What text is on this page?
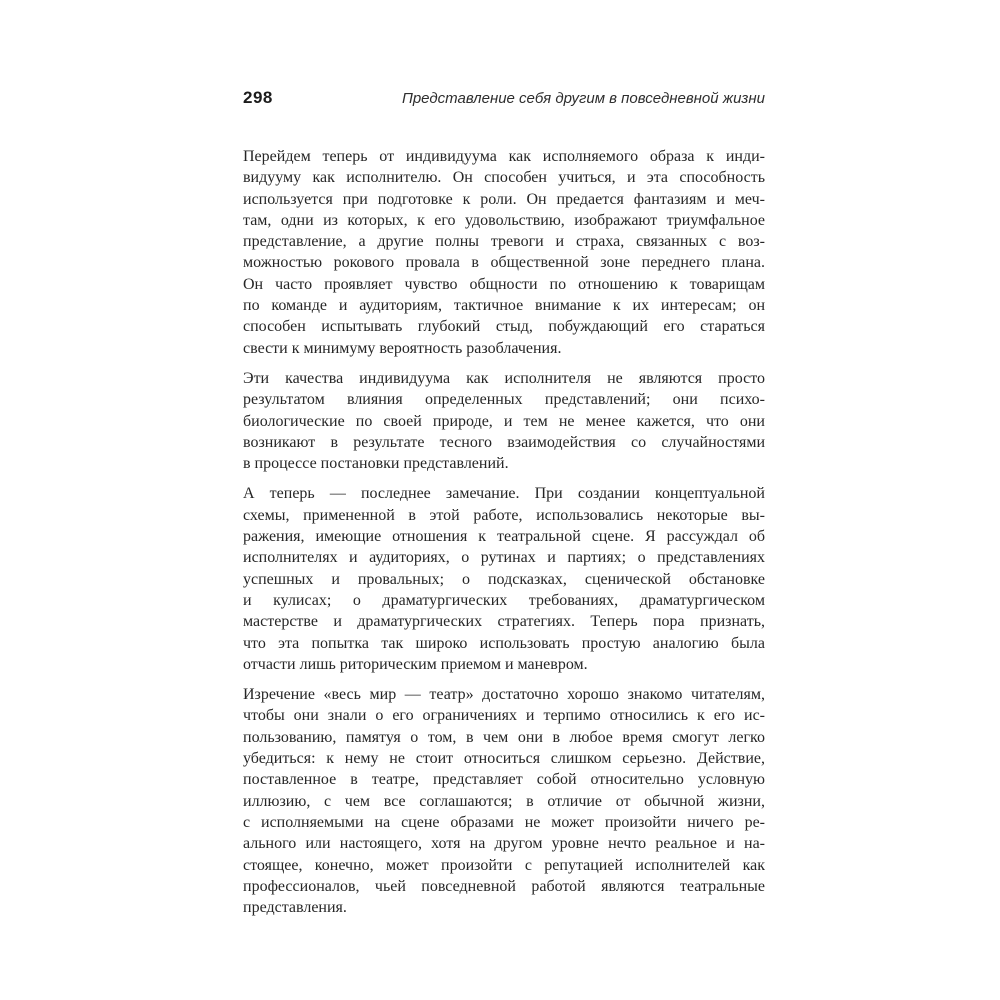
298	Представление себя другим в повседневной жизни

Перейдем теперь от индивидуума как исполняемого образа к инди-
видууму как исполнителю. Он способен учиться, и эта способность
используется при подготовке к роли. Он предается фантазиям и меч-
там, одни из которых, к его удовольствию, изображают триумфальное
представление, а другие полны тревоги и страха, связанных с воз-
можностью рокового провала в общественной зоне переднего плана.
Он часто проявляет чувство общности по отношению к товарищам
по команде и аудиториям, тактичное внимание к их интересам; он
способен испытывать глубокий стыд, побуждающий его стараться
свести к минимуму вероятность разоблачения.

Эти качества индивидуума как исполнителя не являются просто
результатом влияния определенных представлений; они психо-
биологические по своей природе, и тем не менее кажется, что они
возникают в результате тесного взаимодействия со случайностями
в процессе постановки представлений.

А теперь — последнее замечание. При создании концептуальной
схемы, примененной в этой работе, использовались некоторые вы-
ражения, имеющие отношения к театральной сцене. Я рассуждал об
исполнителях и аудиториях, о рутинах и партиях; о представлениях
успешных и провальных; о подсказках, сценической обстановке
и кулисах; о драматургических требованиях, драматургическом
мастерстве и драматургических стратегиях. Теперь пора признать,
что эта попытка так широко использовать простую аналогию была
отчасти лишь риторическим приемом и маневром.

Изречение «весь мир — театр» достаточно хорошо знакомо читателям,
чтобы они знали о его ограничениях и терпимо относились к его ис-
пользованию, памятуя о том, в чем они в любое время смогут легко
убедиться: к нему не стоит относиться слишком серьезно. Действие,
поставленное в театре, представляет собой относительно условную
иллюзию, с чем все соглашаются; в отличие от обычной жизни,
с исполняемыми на сцене образами не может произойти ничего ре-
ального или настоящего, хотя на другом уровне нечто реальное и на-
стоящее, конечно, может произойти с репутацией исполнителей как
профессионалов, чьей повседневной работой являются театральные
представления.
